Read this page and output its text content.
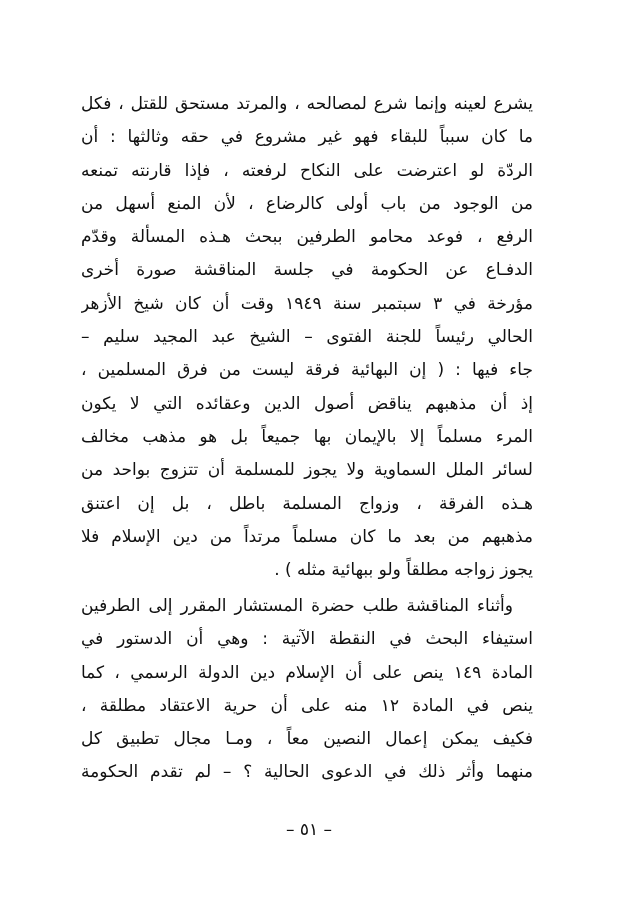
يشرع لعينه وإنما شرع لمصالحه ، والمرتد مستحق للقتل ، فكل
ما كان سبباً للبقاء فهو غير مشروع في حقه وثالثها : أن
الردّة لو اعترضت على النكاح لرفعته ، فإذا قارنته تمنعه
من الوجود من باب أولى كالرضاع ، لأن المنع أسهل من
الرفع ، فوعد محامو الطرفين ببحث هـذه المسألة وقدّم
الدفـاع عن الحكومة في جلسة المناقشة صورة أخرى
مؤرخة في ٣ سبتمبر سنة ١٩٤٩ وقت أن كان شيخ الأزهر
الحالي رئيساً للجنة الفتوى – الشيخ عبد المجيد سليم –
جاء فيها : ( إن البهائية فرقة ليست من فرق المسلمين ،
إذ أن مذهبهم يناقض أصول الدين وعقائده التي لا يكون
المرء مسلماً إلا بالإيمان بها جميعاً بل هو مذهب مخالف
لسائر الملل السماوية ولا يجوز للمسلمة أن تتزوج بواحد من
هـذه الفرقة ، وزواج المسلمة باطل ، بل إن اعتنق
مذهبهم من بعد ما كان مسلماً مرتداً من دين الإسلام فلا
يجوز زواجه مطلقاً ولو ببهائية مثله ) .
وأثناء المناقشة طلب حضرة المستشار المقرر إلى الطرفين
استيفاء البحث في النقطة الآتية : وهي أن الدستور في
المادة ١٤٩ ينص على أن الإسلام دين الدولة الرسمي ، كما
ينص في المادة ١٢ منه على أن حرية الاعتقاد مطلقة ،
فكيف يمكن إعمال النصين معاً ، ومـا مجال تطبيق كل
منهما وأثر ذلك في الدعوى الحالية ؟ – لم تقدم الحكومة
– ٥١ –
